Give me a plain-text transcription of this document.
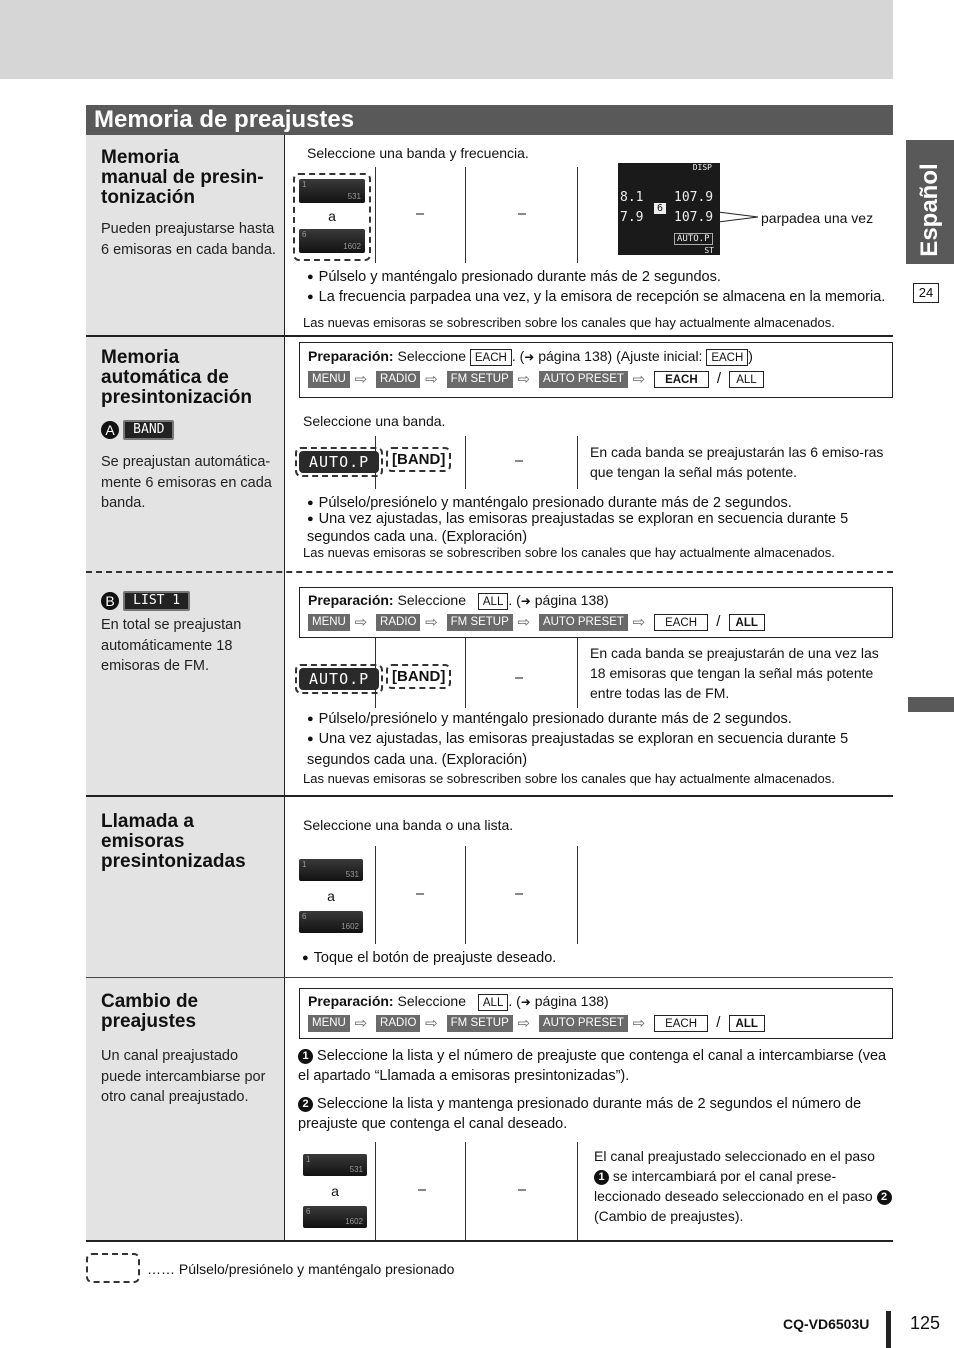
Memoria de preajustes
Español
24
Memoria
manual de presin-
tonización
Pueden preajustarse hasta 6 emisoras en cada banda.
Seleccione una banda y frecuencia.
1
531
a
6
1602
–	–
DISP
8.1
7.9
107.9
6
107.9
AUTO.P
ST
parpadea una vez
● Púlselo y manténgalo presionado durante más de 2 segundos.
● La frecuencia parpadea una vez, y la emisora de recepción se almacena en la memoria.
Las nuevas emisoras se sobrescriben sobre los canales que hay actualmente almacenados.
Memoria
automática de
presintonización
A BAND
Se preajustan automática-mente 6 emisoras en cada banda.
Preparación: Seleccione EACH . (➜ página 138) (Ajuste inicial: EACH )
MENU ⇨ RADIO ⇨ FM SETUP ⇨ AUTO PRESET ⇨ EACH / ALL
Seleccione una banda.
AUTO.P	[BAND]	–
En cada banda se preajustarán las 6 emiso-ras que tengan la señal más potente.
● Púlselo/presiónelo y manténgalo presionado durante más de 2 segundos.
● Una vez ajustadas, las emisoras preajustadas se exploran en secuencia durante 5 segundos cada una. (Exploración)
Las nuevas emisoras se sobrescriben sobre los canales que hay actualmente almacenados.
B LIST 1
En total se preajustan automáticamente 18 emisoras de FM.
Preparación: Seleccione ALL . (➜ página 138)
MENU ⇨ RADIO ⇨ FM SETUP ⇨ AUTO PRESET ⇨ EACH / ALL
AUTO.P	[BAND]	–
En cada banda se preajustarán de una vez las 18 emisoras que tengan la señal más potente entre todas las de FM.
● Púlselo/presiónelo y manténgalo presionado durante más de 2 segundos.
● Una vez ajustadas, las emisoras preajustadas se exploran en secuencia durante 5 segundos cada una. (Exploración)
Las nuevas emisoras se sobrescriben sobre los canales que hay actualmente almacenados.
Llamada a
emisoras
presintonizadas
Seleccione una banda o una lista.
1
531
a
6
1602
–	–
● Toque el botón de preajuste deseado.
Cambio de
preajustes
Un canal preajustado puede intercambiarse por otro canal preajustado.
Preparación: Seleccione ALL . (➜ página 138)
MENU ⇨ RADIO ⇨ FM SETUP ⇨ AUTO PRESET ⇨ EACH / ALL
1 Seleccione la lista y el número de preajuste que contenga el canal a intercambiarse (vea el apartado “Llamada a emisoras presintonizadas”).
2 Seleccione la lista y mantenga presionado durante más de 2 segundos el número de preajuste que contenga el canal deseado.
1
531
a
6
1602
–	–
El canal preajustado seleccionado en el paso 1 se intercambiará por el canal prese-leccionado deseado seleccionado en el paso 2 (Cambio de preajustes).
…… Púlselo/presiónelo y manténgalo presionado
CQ-VD6503U 125
